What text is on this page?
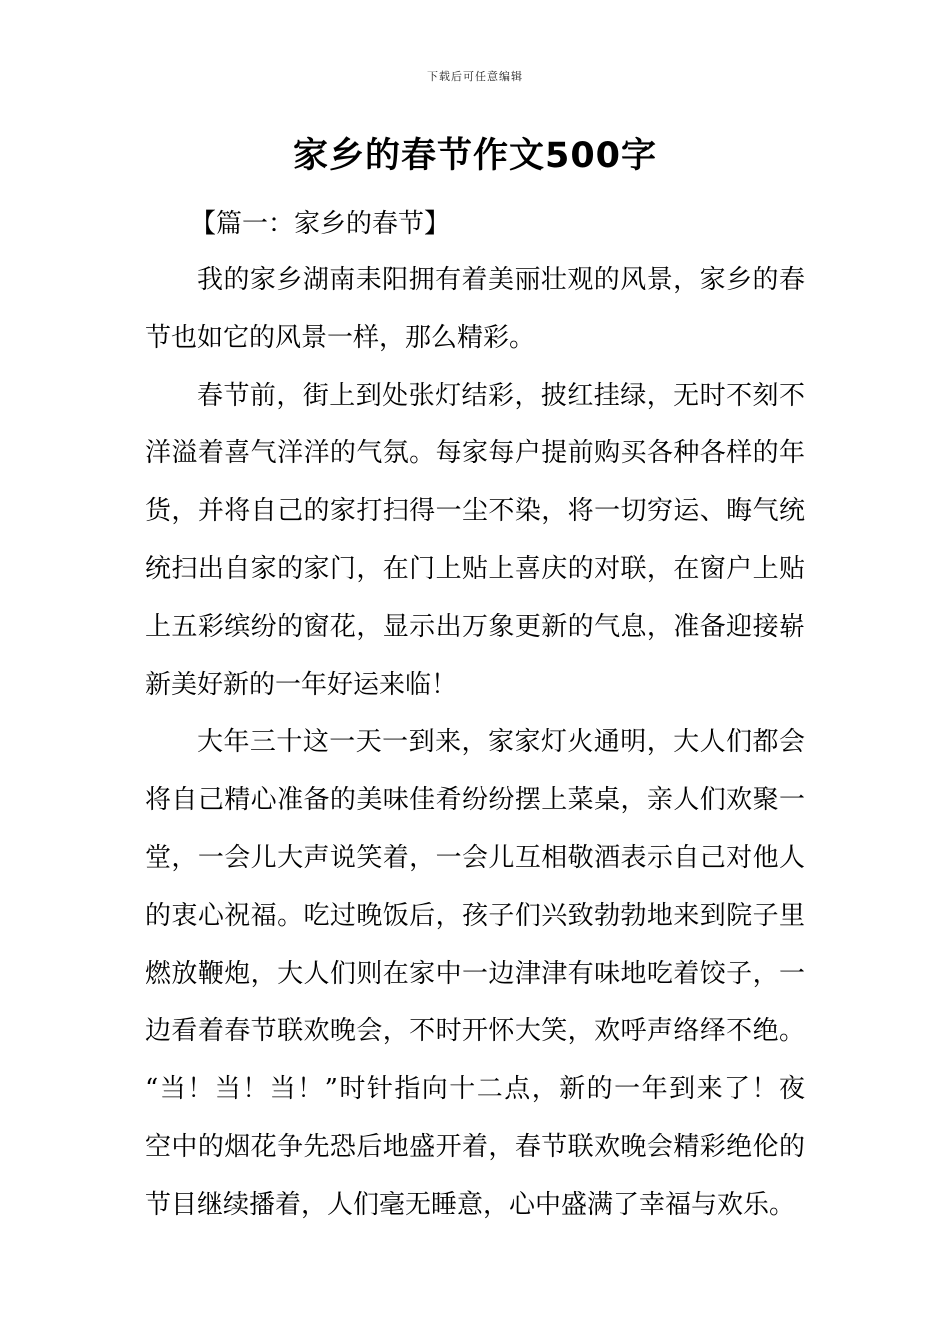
下载后可任意编辑
家乡的春节作文500字
【篇一：家乡的春节】

我的家乡湖南耒阳拥有着美丽壮观的风景，家乡的春
节也如它的风景一样，那么精彩。

春节前，街上到处张灯结彩，披红挂绿，无时不刻不
洋溢着喜气洋洋的气氛。每家每户提前购买各种各样的年
货，并将自己的家打扫得一尘不染，将一切穷运、晦气统
统扫出自家的家门，在门上贴上喜庆的对联，在窗户上贴
上五彩缤纷的窗花，显示出万象更新的气息，准备迎接崭
新美好新的一年好运来临！

大年三十这一天一到来，家家灯火通明，大人们都会
将自己精心准备的美味佳肴纷纷摆上菜桌，亲人们欢聚一
堂，一会儿大声说笑着，一会儿互相敬酒表示自己对他人
的衷心祝福。吃过晚饭后，孩子们兴致勃勃地来到院子里
燃放鞭炮，大人们则在家中一边津津有味地吃着饺子，一
边看着春节联欢晚会，不时开怀大笑，欢呼声络绎不绝。
“当！当！当！”时针指向十二点，新的一年到来了！夜
空中的烟花争先恐后地盛开着，春节联欢晚会精彩绝伦的
节目继续播着，人们毫无睡意，心中盛满了幸福与欢乐。
